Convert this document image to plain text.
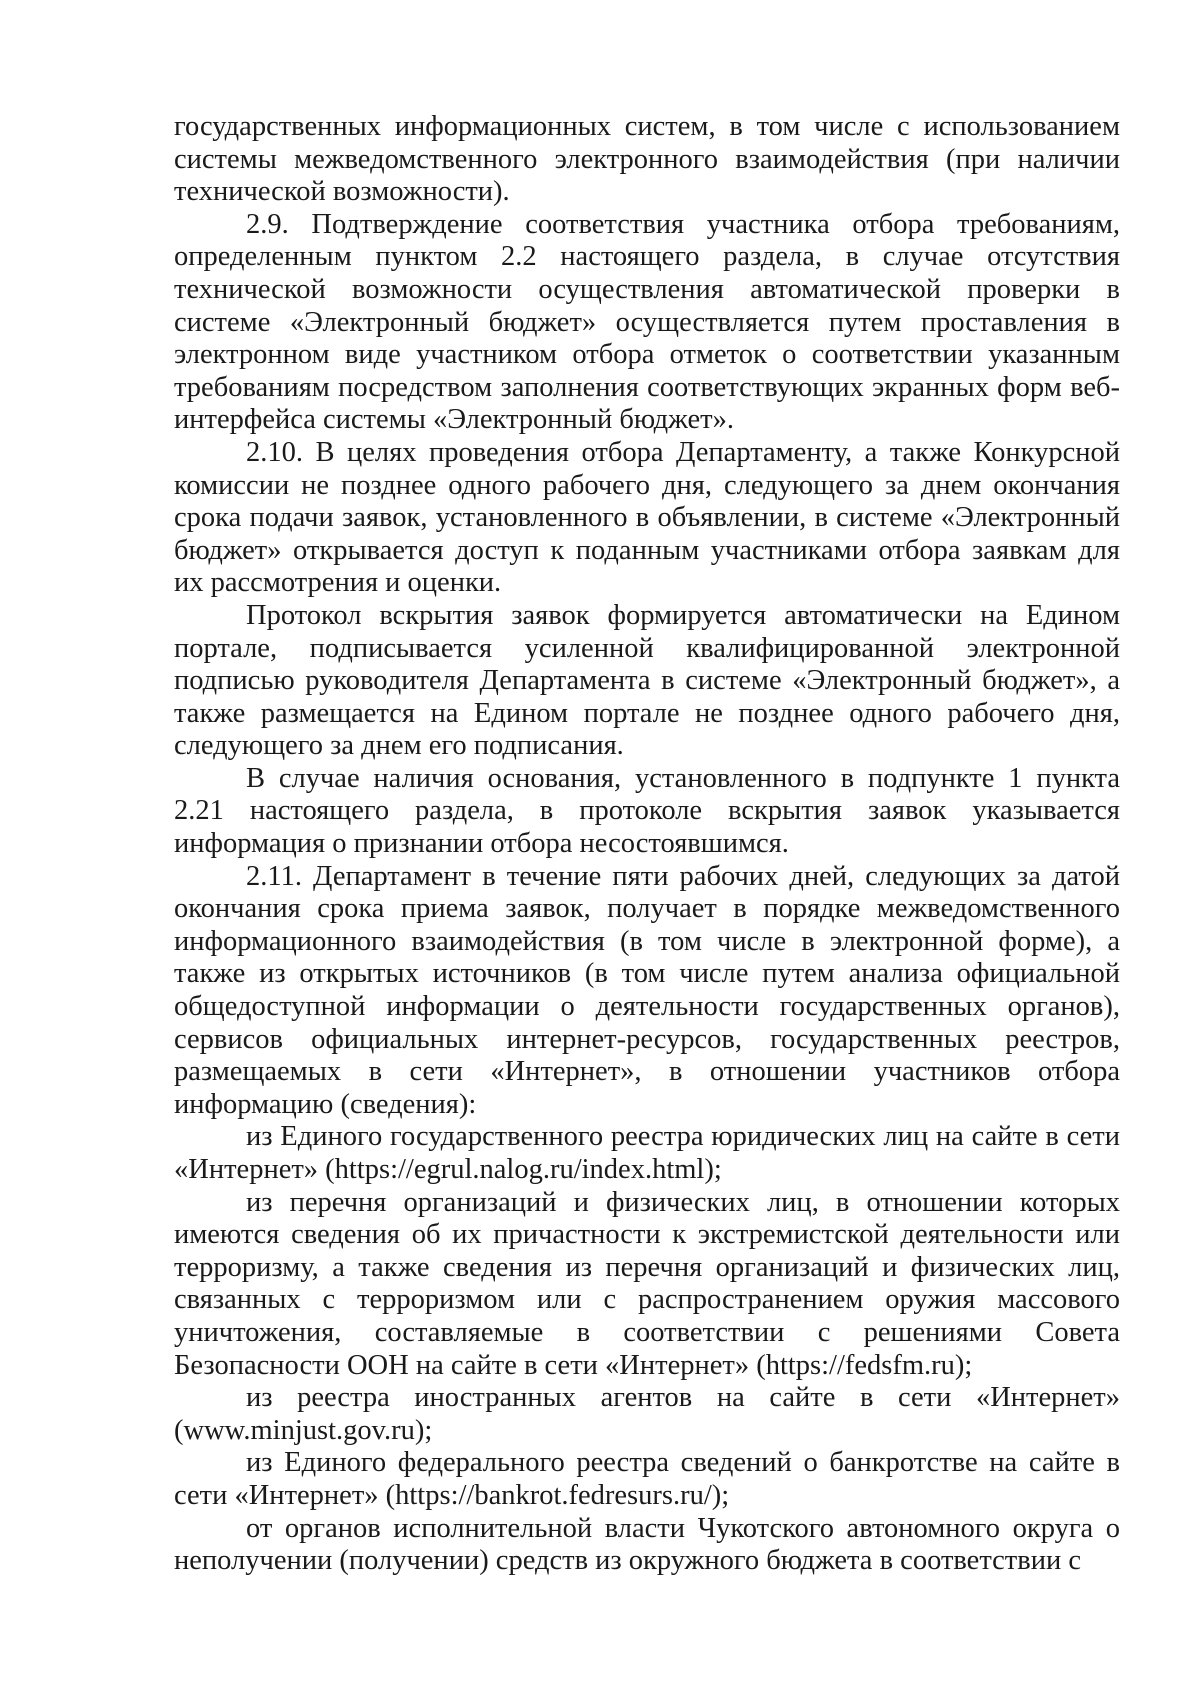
государственных информационных систем, в том числе с использованием системы межведомственного электронного взаимодействия (при наличии технической возможности).

2.9. Подтверждение соответствия участника отбора требованиям, определенным пунктом 2.2 настоящего раздела, в случае отсутствия технической возможности осуществления автоматической проверки в системе «Электронный бюджет» осуществляется путем проставления в электронном виде участником отбора отметок о соответствии указанным требованиям посредством заполнения соответствующих экранных форм веб-интерфейса системы «Электронный бюджет».

2.10. В целях проведения отбора Департаменту, а также Конкурсной комиссии не позднее одного рабочего дня, следующего за днем окончания срока подачи заявок, установленного в объявлении, в системе «Электронный бюджет» открывается доступ к поданным участниками отбора заявкам для их рассмотрения и оценки.

Протокол вскрытия заявок формируется автоматически на Едином портале, подписывается усиленной квалифицированной электронной подписью руководителя Департамента в системе «Электронный бюджет», а также размещается на Едином портале не позднее одного рабочего дня, следующего за днем его подписания.

В случае наличия основания, установленного в подпункте 1 пункта 2.21 настоящего раздела, в протоколе вскрытия заявок указывается информация о признании отбора несостоявшимся.

2.11. Департамент в течение пяти рабочих дней, следующих за датой окончания срока приема заявок, получает в порядке межведомственного информационного взаимодействия (в том числе в электронной форме), а также из открытых источников (в том числе путем анализа официальной общедоступной информации о деятельности государственных органов), сервисов официальных интернет-ресурсов, государственных реестров, размещаемых в сети «Интернет», в отношении участников отбора информацию (сведения):

из Единого государственного реестра юридических лиц на сайте в сети «Интернет» (https://egrul.nalog.ru/index.html);

из перечня организаций и физических лиц, в отношении которых имеются сведения об их причастности к экстремистской деятельности или терроризму, а также сведения из перечня организаций и физических лиц, связанных с терроризмом или с распространением оружия массового уничтожения, составляемые в соответствии с решениями Совета Безопасности ООН на сайте в сети «Интернет» (https://fedsfm.ru);

из реестра иностранных агентов на сайте в сети «Интернет» (www.minjust.gov.ru);

из Единого федерального реестра сведений о банкротстве на сайте в сети «Интернет» (https://bankrot.fedresurs.ru/);

от органов исполнительной власти Чукотского автономного округа о неполучении (получении) средств из окружного бюджета в соответствии с
